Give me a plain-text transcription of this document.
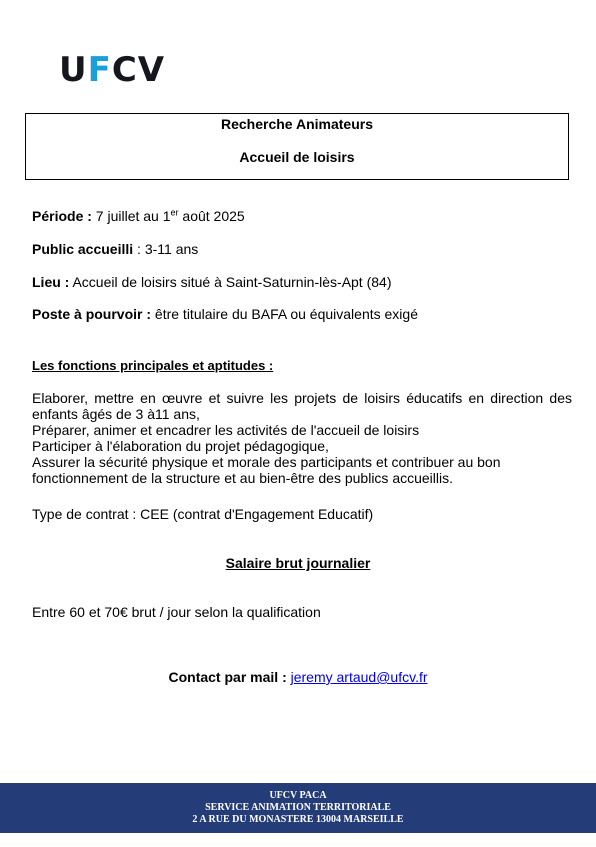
UFCV
Recherche Animateurs
Accueil de loisirs
Période : 7 juillet au 1er août 2025
Public accueilli : 3-11 ans
Lieu : Accueil de loisirs situé à Saint-Saturnin-lès-Apt (84)
Poste à pourvoir : être titulaire du BAFA ou équivalents exigé
Les fonctions principales et aptitudes :
Elaborer, mettre en œuvre et suivre les projets de loisirs éducatifs en direction des enfants âgés de 3 à11 ans,
Préparer, animer et encadrer les activités de l'accueil de loisirs
Participer à l'élaboration du projet pédagogique,
Assurer la sécurité physique et morale des participants et contribuer au bon fonctionnement de la structure et au bien-être des publics accueillis.
Type de contrat : CEE (contrat d'Engagement Educatif)
Salaire brut journalier
Entre 60 et 70€ brut / jour selon la qualification
Contact par mail : jeremy artaud@ufcv.fr
UFCV PACA
SERVICE ANIMATION TERRITORIALE
2 A RUE DU MONASTERE 13004 MARSEILLE
